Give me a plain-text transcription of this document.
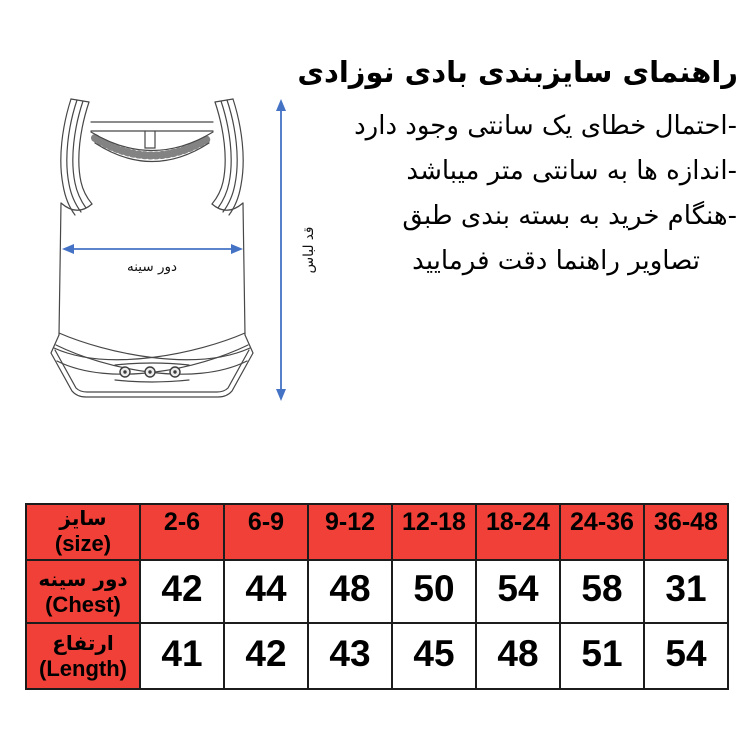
راهنمای سایزبندی بادی نوزادی
-احتمال خطای یک سانتی وجود دارد
-اندازه ها به سانتی متر میباشد
-هنگام خرید به بسته بندی طبق
تصاویر راهنما دقت فرمایید
دور سینه	قد لباس
سایز
(size)	2-6	6-9	9-12	12-18	18-24	24-36	36-48

دور سینه
(Chest)	42	44	48	50	54	58	31

ارتفاع
(Length)	41	42	43	45	48	51	54
